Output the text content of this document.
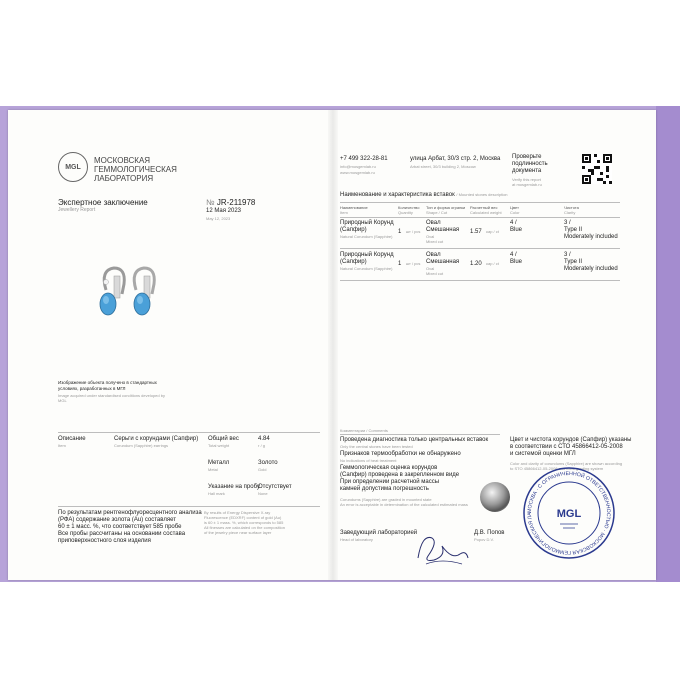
MGL
МОСКОВСКАЯ
ГЕММОЛОГИЧЕСКАЯ
ЛАБОРАТОРИЯ
Экспертное заключение
Jewellery Report
№ JR-211978
12 Мая 2023
May 12, 2023
Изображение объекта получено в стандартных условиях, разработанных в МГЛ
Image acquired under standardised conditions developed by MGL
Описание
Item
Серьги с корундами (Сапфир)
Corundum (Sapphire) earrings
Общий вес
Total weight
4.84
г / g
Металл
Metal
Золото
Gold
Указание на пробу
Hall mark
Отсутствует
None
По результатам рентгенофлуоресцентного анализа
(РФА) содержание золота (Au) составляет
60 ± 1 масс. %, что соответствует 585 пробе
Все пробы рассчитаны на основании состава
приповерхностного слоя изделия
By results of Energy Dispersive X-ray
Fluorescence (EDXRF) content of gold (Au)
is 60 ± 1 mass. %, which corresponds to 585
All finesses are calculated on the composition
of the jewelry piece near surface layer
+7 499 322-28-81
info@mosgemlab.ru
www.mosgemlab.ru
улица Арбат, 30/3 стр. 2, Москва
Arbat street, 30/3 building 2, Moscow
Проверьте подлинность документа
Verify this report
at mosgemlab.ru
Наименование и характеристика вставок / Mounted stones description
Наименование
Item
Количество
Quantity
Тип и форма огранки
Shape / Cut
Расчетный вес
Calculated weight
Цвет
Color
Чистота
Clarity
Природный Корунд
(Сапфир)
Natural Corundum (Sapphire)
1 шт / pcs
Овал
Смешанная
Oval
Mixed cut
1.57 кар / ct
4 /
Blue
3 /
Type II
Moderately included
Природный Корунд
(Сапфир)
Natural Corundum (Sapphire)
1 шт / pcs
Овал
Смешанная
Oval
Mixed cut
1.20 кар / ct
4 /
Blue
3 /
Type II
Moderately included
Комментарии / Comments
Проведена диагностика только центральных вставок
Only the central stones have been tested
Признаков термообработки не обнаружено
No indications of heat treatment
Геммологическая оценка корундов (Сапфир) проведена в закрепленном виде
При определении расчетной массы камней допустима погрешность
Corundums (Sapphire) are graded in mounted state
An error is acceptable in determination of the calculated estimated mass
Цвет и чистота корундов (Сапфир) указаны
в соответствии с СТО 45866412-05-2008
и системой оценки МГЛ
Color and clarity of corundums (Sapphire) are shown according
to STO 45866412-05-2008 and MGL grading system
Заведующий лабораторией
Head of laboratory
Д.В. Попов
Popov D.V.
МОСКВА · С ОГРАНИЧЕННОЙ ОТВЕТСТВЕННОСТЬЮ · МОСКОВСКАЯ ГЕММОЛОГИЧЕСКАЯ ЛА	MGL
